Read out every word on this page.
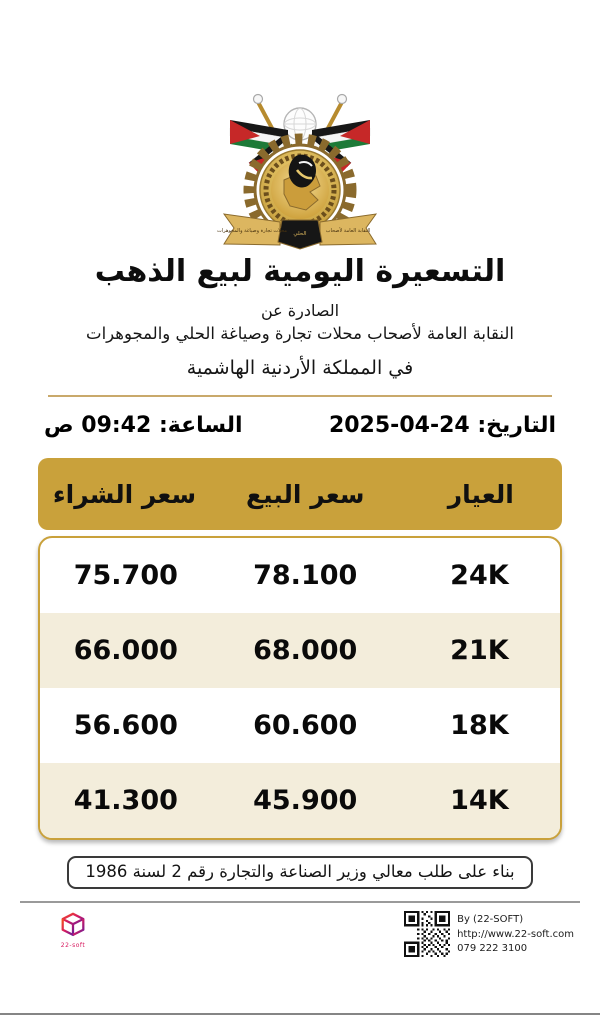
محلات تجارة وصياغة والمجوهرات الحلي	النقابة العامة لأصحاب
التسعيرة اليومية لبيع الذهب
الصادرة عن
النقابة العامة لأصحاب محلات تجارة وصياغة الحلي والمجوهرات
في المملكة الأردنية الهاشمية
التاريخ: 24-04-2025
الساعة: 09:42 ص
العيار
سعر البيع
سعر الشراء
24K
78.100
75.700
21K
68.000
66.000
18K
60.600
56.600
14K
45.900
41.300
بناء على طلب معالي وزير الصناعة والتجارة رقم 2 لسنة 1986
22-soft
By (22-SOFT)
http://www.22-soft.com
079 222 3100
